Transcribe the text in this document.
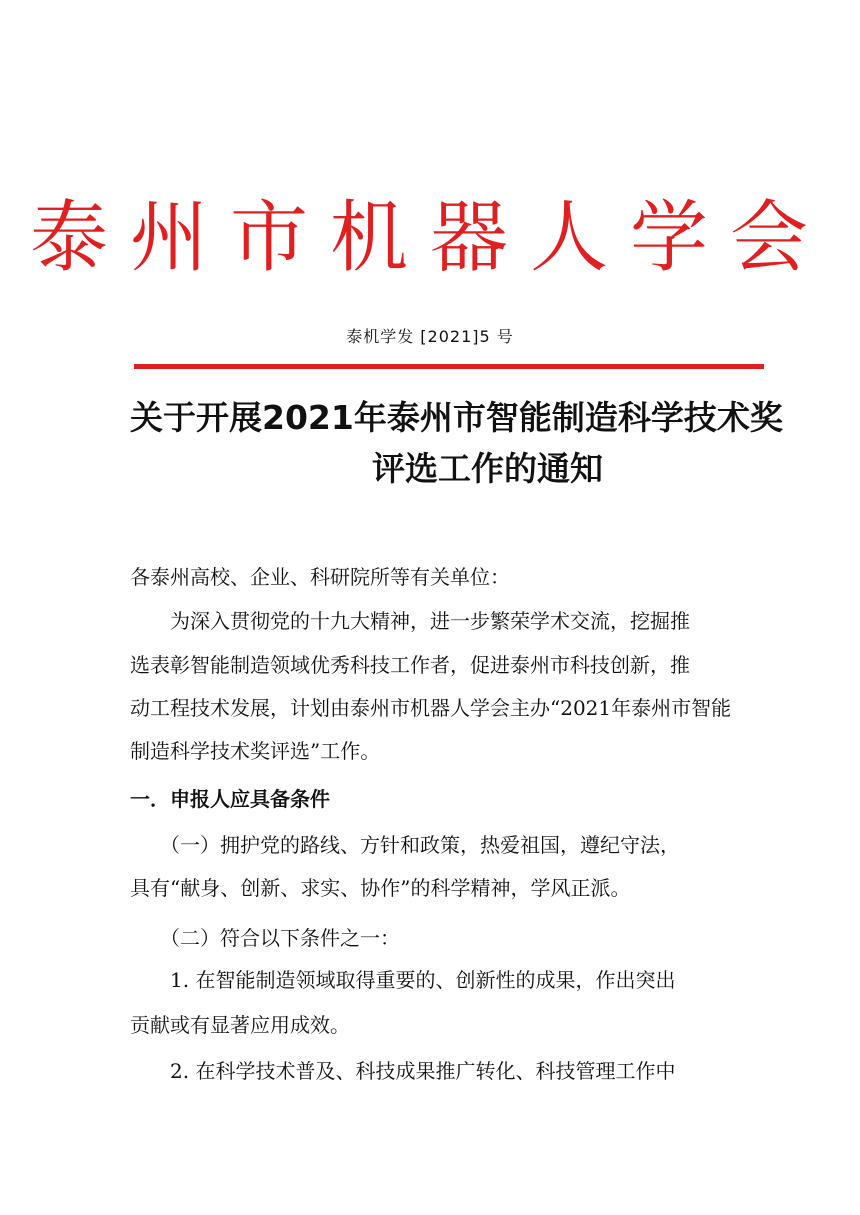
泰州市机器人学会
泰机学发 [2021]5 号
关于开展2021年泰州市智能制造科学技术奖
评选工作的通知
各泰州高校、企业、科研院所等有关单位：
　　为深入贯彻党的十九大精神，进一步繁荣学术交流，挖掘推
选表彰智能制造领域优秀科技工作者，促进泰州市科技创新，推
动工程技术发展，计划由泰州市机器人学会主办“2021年泰州市智能
制造科学技术奖评选”工作。
一．申报人应具备条件
　　（一）拥护党的路线、方针和政策，热爱祖国，遵纪守法，
具有“献身、创新、求实、协作”的科学精神，学风正派。
　　（二）符合以下条件之一：
　　1. 在智能制造领域取得重要的、创新性的成果，作出突出
贡献或有显著应用成效。
　　2. 在科学技术普及、科技成果推广转化、科技管理工作中
